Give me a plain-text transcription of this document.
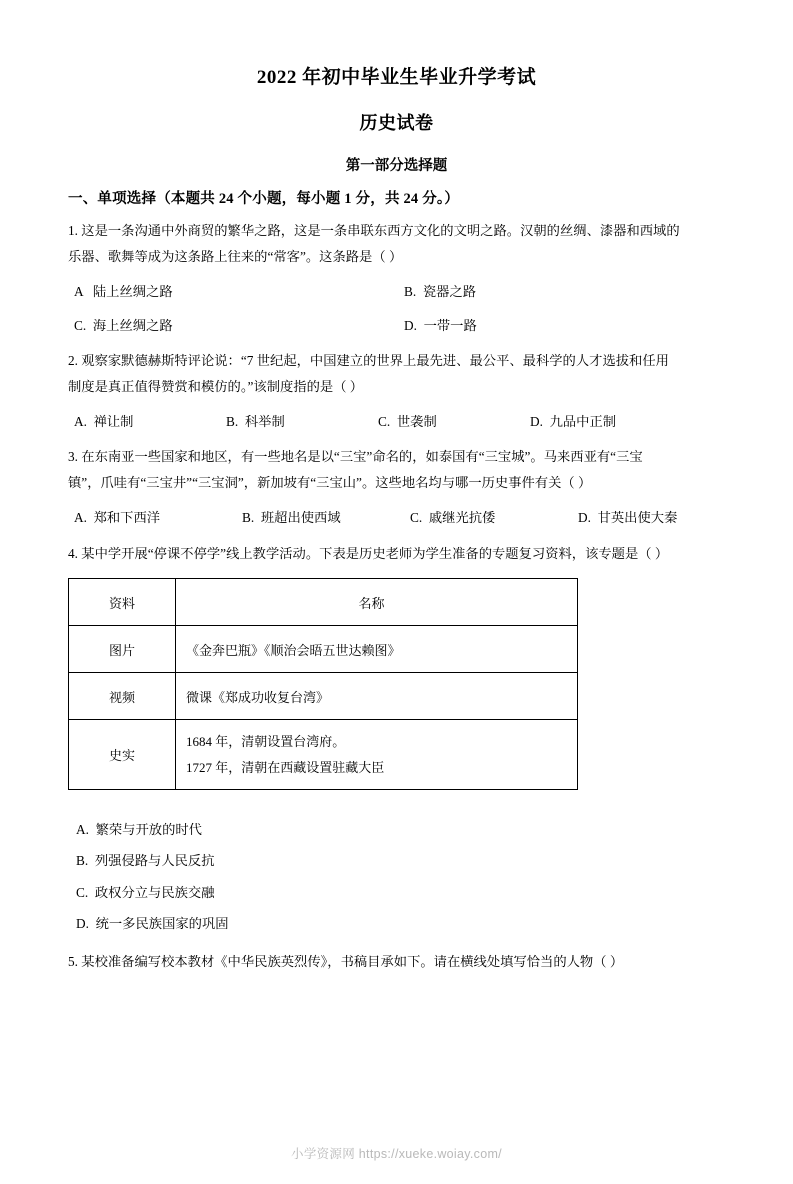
2022 年初中毕业生毕业升学考试
历史试卷
第一部分选择题
一、单项选择（本题共 24 个小题，每小题 1 分，共 24 分。）
1. 这是一条沟通中外商贸的繁华之路，这是一条串联东西方文化的文明之路。汉朝的丝绸、漆器和西域的
乐器、歌舞等成为这条路上往来的“常客”。这条路是（ ）
A 陆上丝绸之路	B. 瓷器之路
C. 海上丝绸之路	D. 一带一路
2. 观察家默德赫斯特评论说：“7 世纪起，中国建立的世界上最先进、最公平、最科学的人才选拔和任用
制度是真正值得赞赏和模仿的。”该制度指的是（ ）
A. 禅让制	B. 科举制	C. 世袭制	D. 九品中正制
3. 在东南亚一些国家和地区，有一些地名是以“三宝”命名的，如泰国有“三宝城”。马来西亚有“三宝
镇”，爪哇有“三宝井”“三宝洞”，新加坡有“三宝山”。这些地名均与哪一历史事件有关（ ）
A. 郑和下西洋	B. 班超出使西域	C. 戚继光抗倭	D. 甘英出使大秦
4. 某中学开展“停课不停学”线上教学活动。下表是历史老师为学生准备的专题复习资料，该专题是（ ）
资料	名称
图片	《金奔巴瓶》《顺治会晤五世达赖图》
视频	微课《郑成功收复台湾》
史实	1684 年，清朝设置台湾府。
1727 年，清朝在西藏设置驻藏大臣
A. 繁荣与开放的时代
B. 列强侵路与人民反抗
C. 政权分立与民族交融
D. 统一多民族国家的巩固
5. 某校准备编写校本教材《中华民族英烈传》，书稿目承如下。请在横线处填写恰当的人物（ ）
小学资源网 https://xueke.woiay.com/
